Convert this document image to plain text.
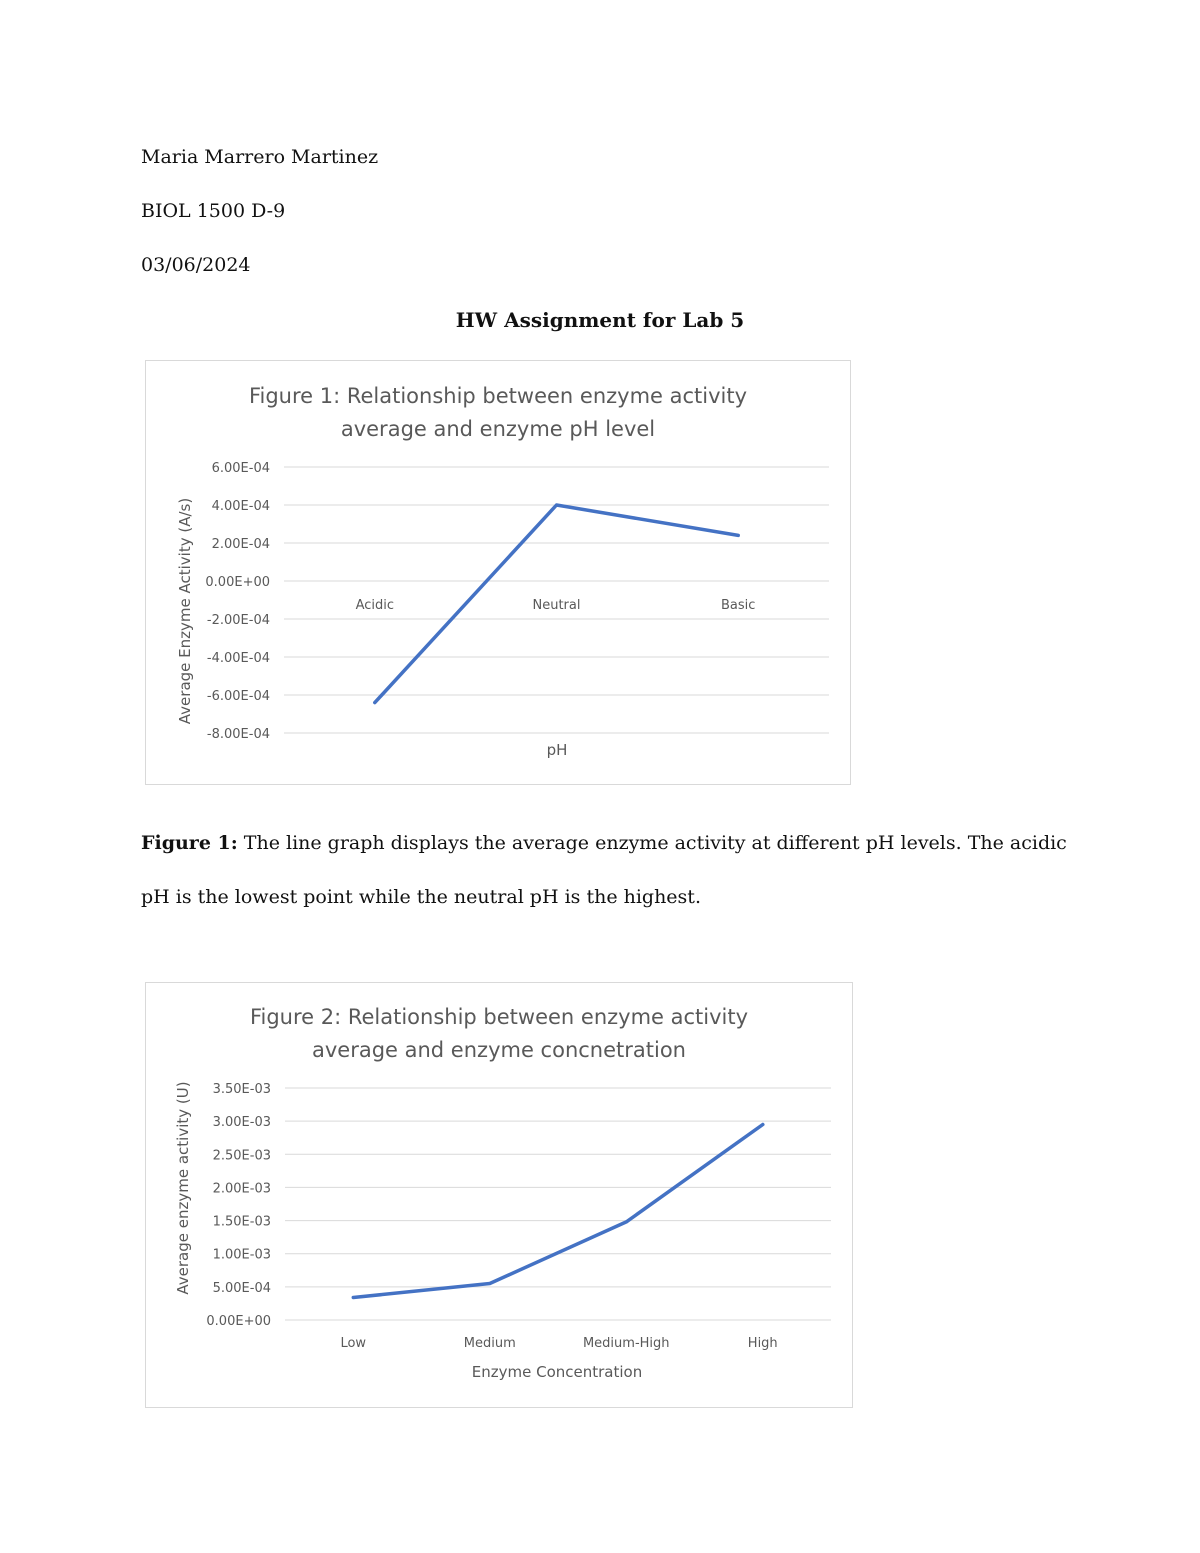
Maria Marrero Martinez
BIOL 1500 D-9
03/06/2024
HW Assignment for Lab 5
Figure 1: Relationship between enzyme activity
average and enzyme pH level
6.00E-04
4.00E-04
2.00E-04
0.00E+00
-2.00E-04
-4.00E-04
-6.00E-04
-8.00E-04
Acidic	Neutral	Basic
pH
Average Enzyme Activity (A/s)
Figure 1: The line graph displays the average enzyme activity at different pH levels. The acidic pH is the lowest point while the neutral pH is the highest.
Figure 2: Relationship between enzyme activity
average and enzyme concnetration
3.50E-03
3.00E-03
2.50E-03
2.00E-03
1.50E-03
1.00E-03
5.00E-04
0.00E+00
Low	Medium	Medium-High	High
Enzyme Concentration
Average enzyme activity (U)
